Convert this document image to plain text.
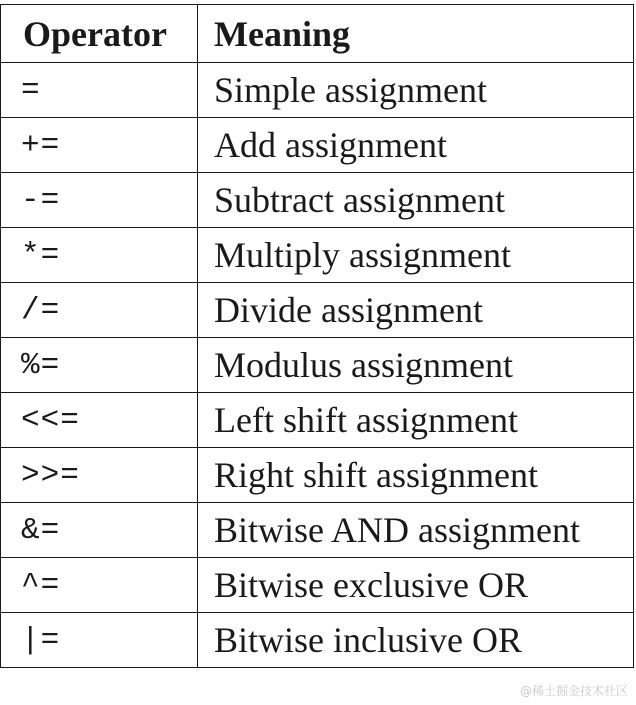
Operator	Meaning
=	Simple assignment
+=	Add assignment
-=	Subtract assignment
*=	Multiply assignment
/=	Divide assignment
%=	Modulus assignment
<<=	Left shift assignment
>>=	Right shift assignment
&=	Bitwise AND assignment
^=	Bitwise exclusive OR
|=	Bitwise inclusive OR
@稀土掘金技术社区
